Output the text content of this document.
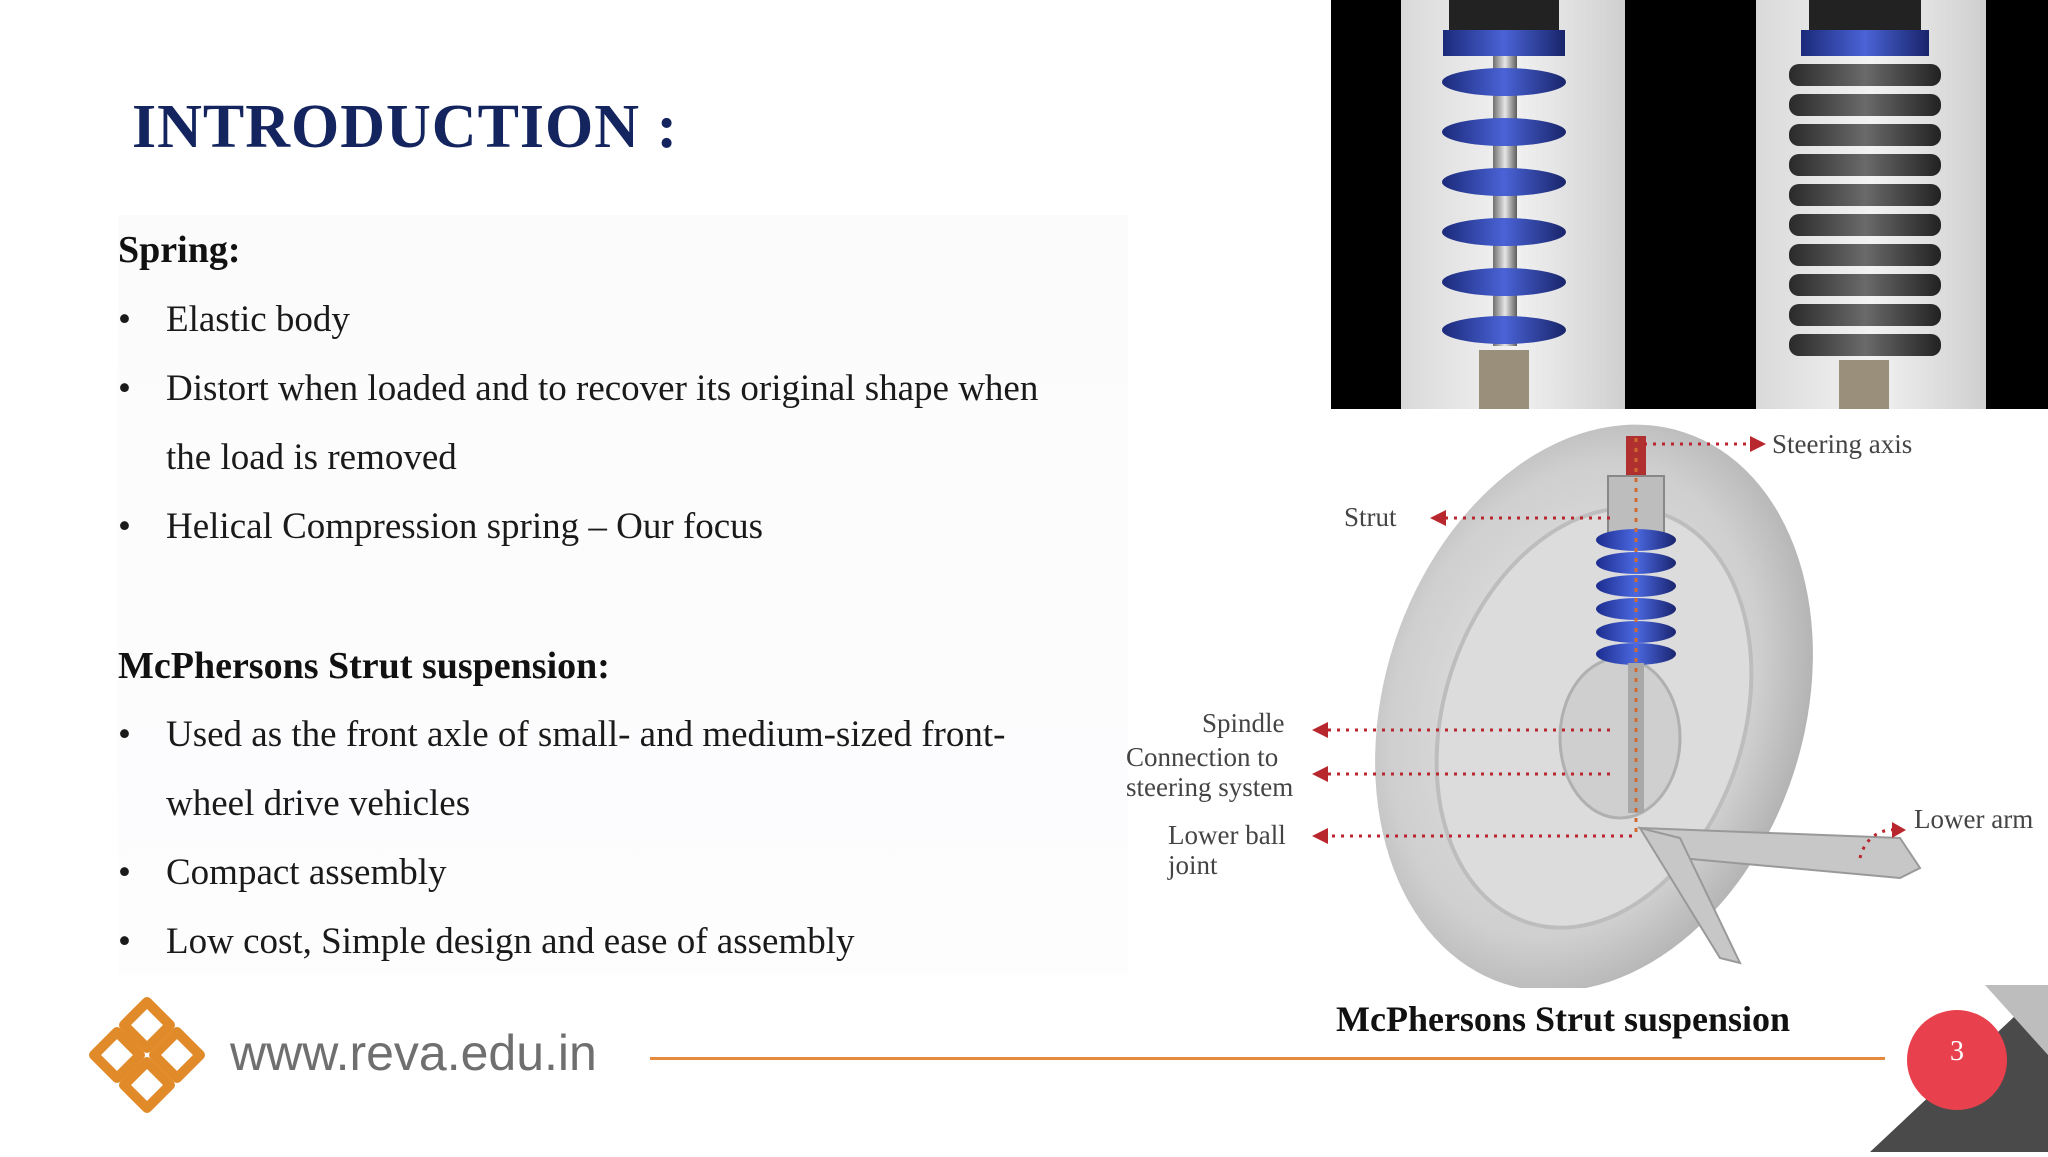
INTRODUCTION :
Spring:
• Elastic body
• Distort when loaded and to recover its original shape when
the load is removed
• Helical Compression spring – Our focus
McPhersons Strut suspension:
• Used as the front axle of small- and medium-sized front-
wheel drive vehicles
• Compact assembly
• Low cost, Simple design and ease of assembly
Steering axis
Strut
Spindle
Connection to
steering system
Lower ball
joint
Lower arm
McPhersons Strut suspension
www.reva.edu.in	3
